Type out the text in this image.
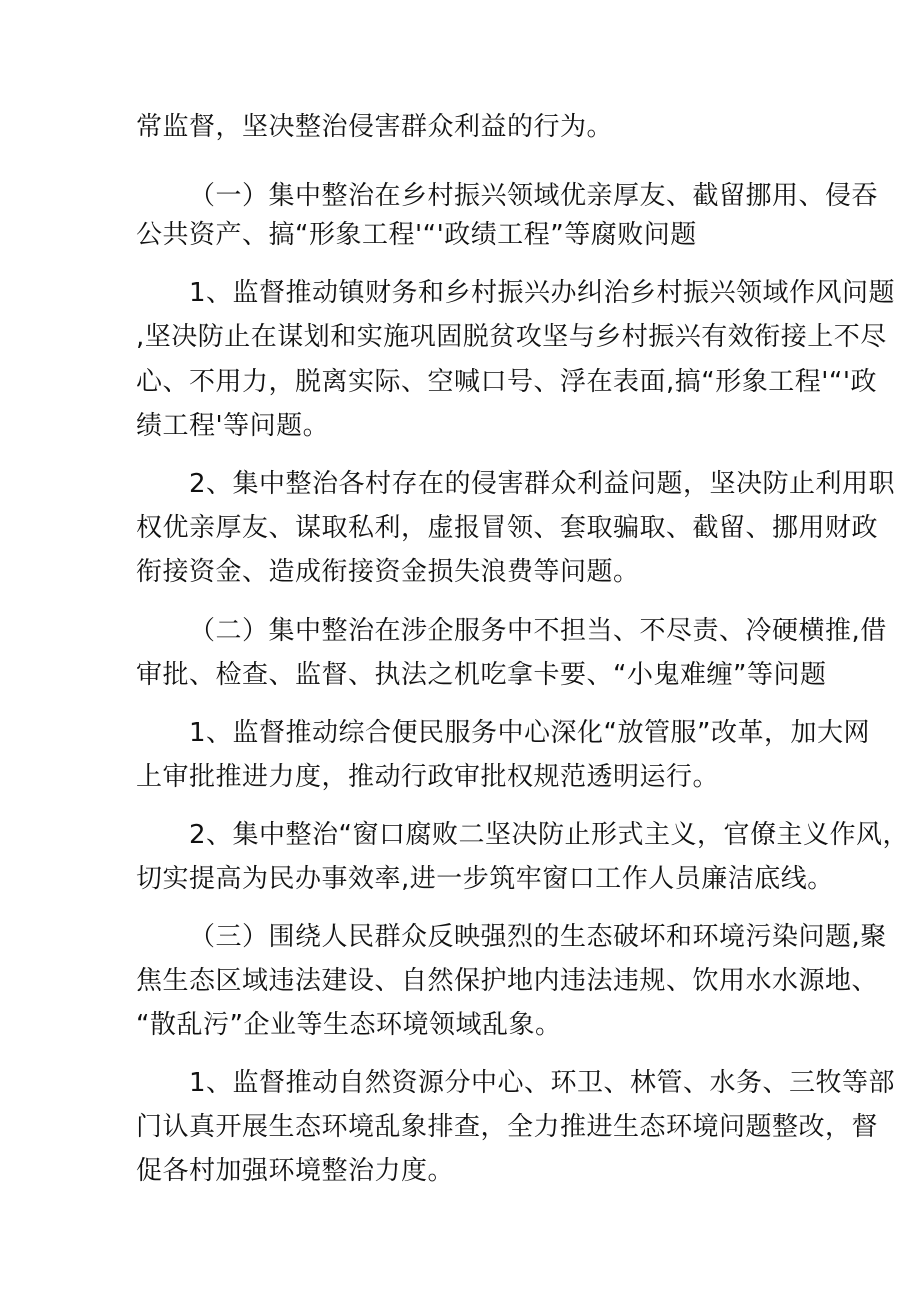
常监督，坚决整治侵害群众利益的行为。

（一）集中整治在乡村振兴领域优亲厚友、截留挪用、侵吞

公共资产、搞“形象工程'“'政绩工程”等腐败问题

1、监督推动镇财务和乡村振兴办纠治乡村振兴领域作风问题

,坚决防止在谋划和实施巩固脱贫攻坚与乡村振兴有效衔接上不尽

心、不用力，脱离实际、空喊口号、浮在表面,搞“形象工程'“'政

绩工程'等问题。

2、集中整治各村存在的侵害群众利益问题，坚决防止利用职

权优亲厚友、谋取私利，虚报冒领、套取骗取、截留、挪用财政

衔接资金、造成衔接资金损失浪费等问题。

（二）集中整治在涉企服务中不担当、不尽责、冷硬横推,借

审批、检查、监督、执法之机吃拿卡要、“小鬼难缠”等问题

1、监督推动综合便民服务中心深化“放管服”改革，加大网

上审批推进力度，推动行政审批权规范透明运行。

2、集中整治“窗口腐败二坚决防止形式主义，官僚主义作风，

切实提高为民办事效率,进一步筑牢窗口工作人员廉洁底线。

（三）围绕人民群众反映强烈的生态破坏和环境污染问题,聚

焦生态区域违法建设、自然保护地内违法违规、饮用水水源地、

“散乱污”企业等生态环境领域乱象。

1、监督推动自然资源分中心、环卫、林管、水务、三牧等部

门认真开展生态环境乱象排查，全力推进生态环境问题整改，督

促各村加强环境整治力度。
